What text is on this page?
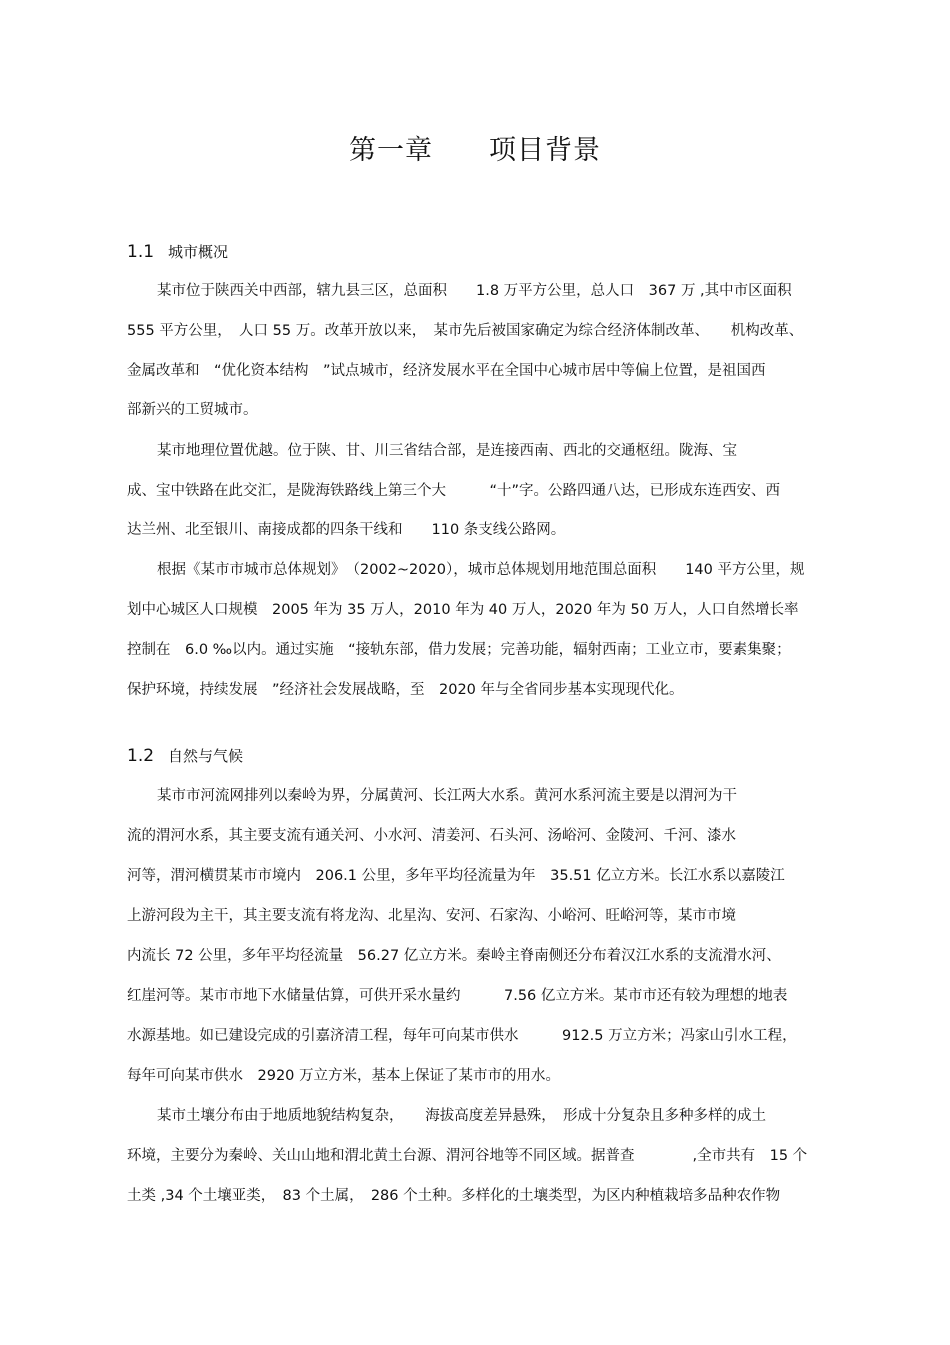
第一章　　项目背景
1.1 城市概况
某市位于陕西关中西部，辖九县三区，总面积　　1.8 万平方公里，总人口　367 万 ,其中市区面积
555 平方公里，　人口 55 万。改革开放以来，　某市先后被国家确定为综合经济体制改革、　　机构改革、
金属改革和　“优化资本结构　”试点城市，经济发展水平在全国中心城市居中等偏上位置，是祖国西
部新兴的工贸城市。
某市地理位置优越。位于陕、甘、川三省结合部，是连接西南、西北的交通枢纽。陇海、宝
成、宝中铁路在此交汇，是陇海铁路线上第三个大　　　“十”字。公路四通八达，已形成东连西安、西
达兰州、北至银川、南接成都的四条干线和　　110 条支线公路网。
根据《某市市城市总体规划》　（2002~2020），城市总体规划用地范围总面积　　140 平方公里，规
划中心城区人口规模　2005 年为 35 万人，2010 年为 40 万人，2020 年为 50 万人，人口自然增长率
控制在　6.0 ‰以内。通过实施　“接轨东部，借力发展；完善功能，辐射西南；工业立市，要素集聚；
保护环境，持续发展　”经济社会发展战略，至　2020 年与全省同步基本实现现代化。
1.2 自然与气候
某市市河流网排列以秦岭为界，分属黄河、长江两大水系。黄河水系河流主要是以渭河为干
流的渭河水系，其主要支流有通关河、小水河、清姜河、石头河、汤峪河、金陵河、千河、漆水
河等，渭河横贯某市市境内　206.1 公里，多年平均径流量为年　35.51 亿立方米。长江水系以嘉陵江
上游河段为主干，其主要支流有将龙沟、北星沟、安河、石家沟、小峪河、旺峪河等，某市市境
内流长 72 公里，多年平均径流量　56.27 亿立方米。秦岭主脊南侧还分布着汉江水系的支流滑水河、
红崖河等。某市市地下水储量估算，可供开采水量约　　　7.56 亿立方米。某市市还有较为理想的地表
水源基地。如已建设完成的引嘉济清工程，每年可向某市供水　　　912.5 万立方米；冯家山引水工程，
每年可向某市供水　2920 万立方米，基本上保证了某市市的用水。
某市土壤分布由于地质地貌结构复杂，　　海拔高度差异悬殊，　形成十分复杂且多种多样的成土
环境，主要分为秦岭、关山山地和渭北黄土台源、渭河谷地等不同区域。据普查　　　　,全市共有　15 个
土类 ,34 个土壤亚类，　83 个土属，　286 个土种。多样化的土壤类型，为区内种植栽培多品种农作物
